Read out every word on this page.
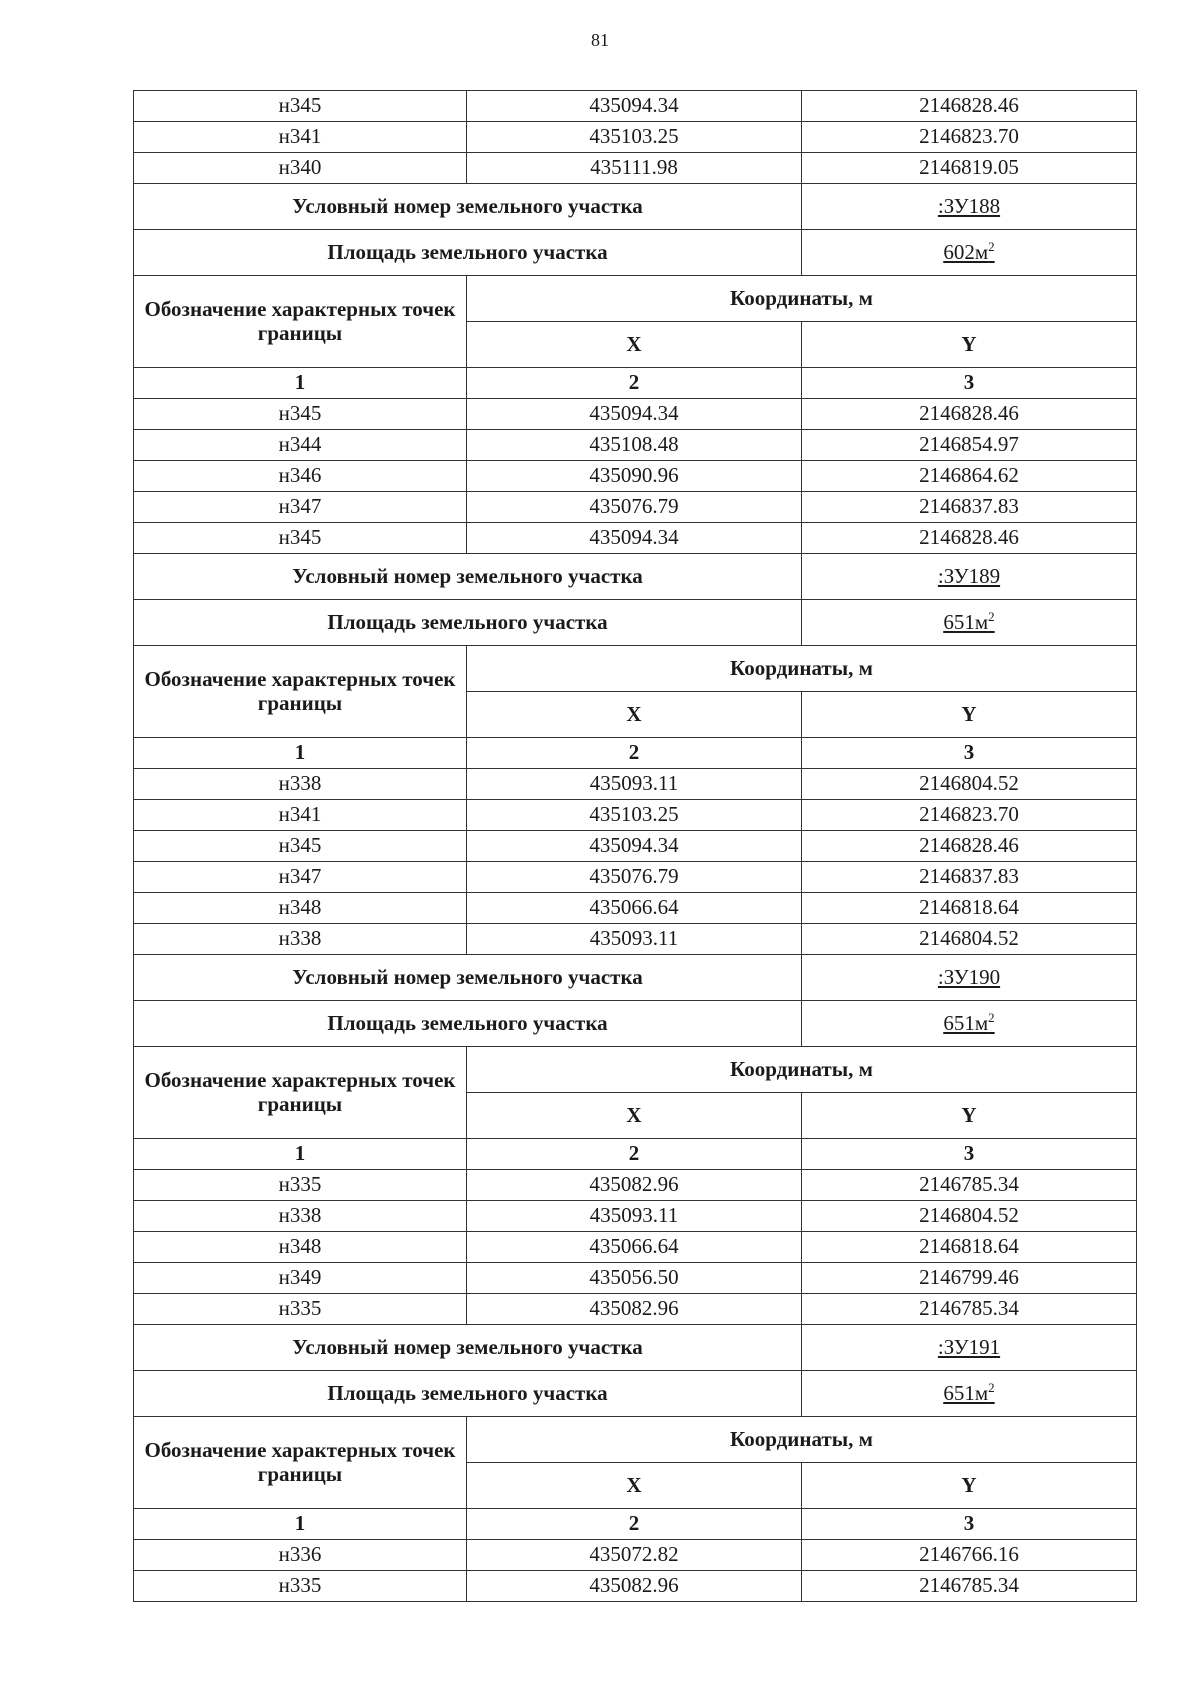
81
н345	435094.34	2146828.46
н341	435103.25	2146823.70
н340	435111.98	2146819.05
Условный номер земельного участка		:ЗУ188
Площадь земельного участка		$602м^2$
Обозначение характерных точек границы	Координаты, м	
	X	Y
1	2	3
н345	435094.34	2146828.46
н344	435108.48	2146854.97
н346	435090.96	2146864.62
н347	435076.79	2146837.83
н345	435094.34	2146828.46
Условный номер земельного участка		:ЗУ189
Площадь земельного участка		$651м^2$
Обозначение характерных точек границы	Координаты, м	
	X	Y
1	2	3
н338	435093.11	2146804.52
н341	435103.25	2146823.70
н345	435094.34	2146828.46
н347	435076.79	2146837.83
н348	435066.64	2146818.64
н338	435093.11	2146804.52
Условный номер земельного участка		:ЗУ190
Площадь земельного участка		$651м^2$
Обозначение характерных точек границы	Координаты, м	
	X	Y
1	2	3
н335	435082.96	2146785.34
н338	435093.11	2146804.52
н348	435066.64	2146818.64
н349	435056.50	2146799.46
н335	435082.96	2146785.34
Условный номер земельного участка		:ЗУ191
Площадь земельного участка		$651м^2$
Обозначение характерных точек границы	Координаты, м	
	X	Y
1	2	3
н336	435072.82	2146766.16
н335	435082.96	2146785.34
